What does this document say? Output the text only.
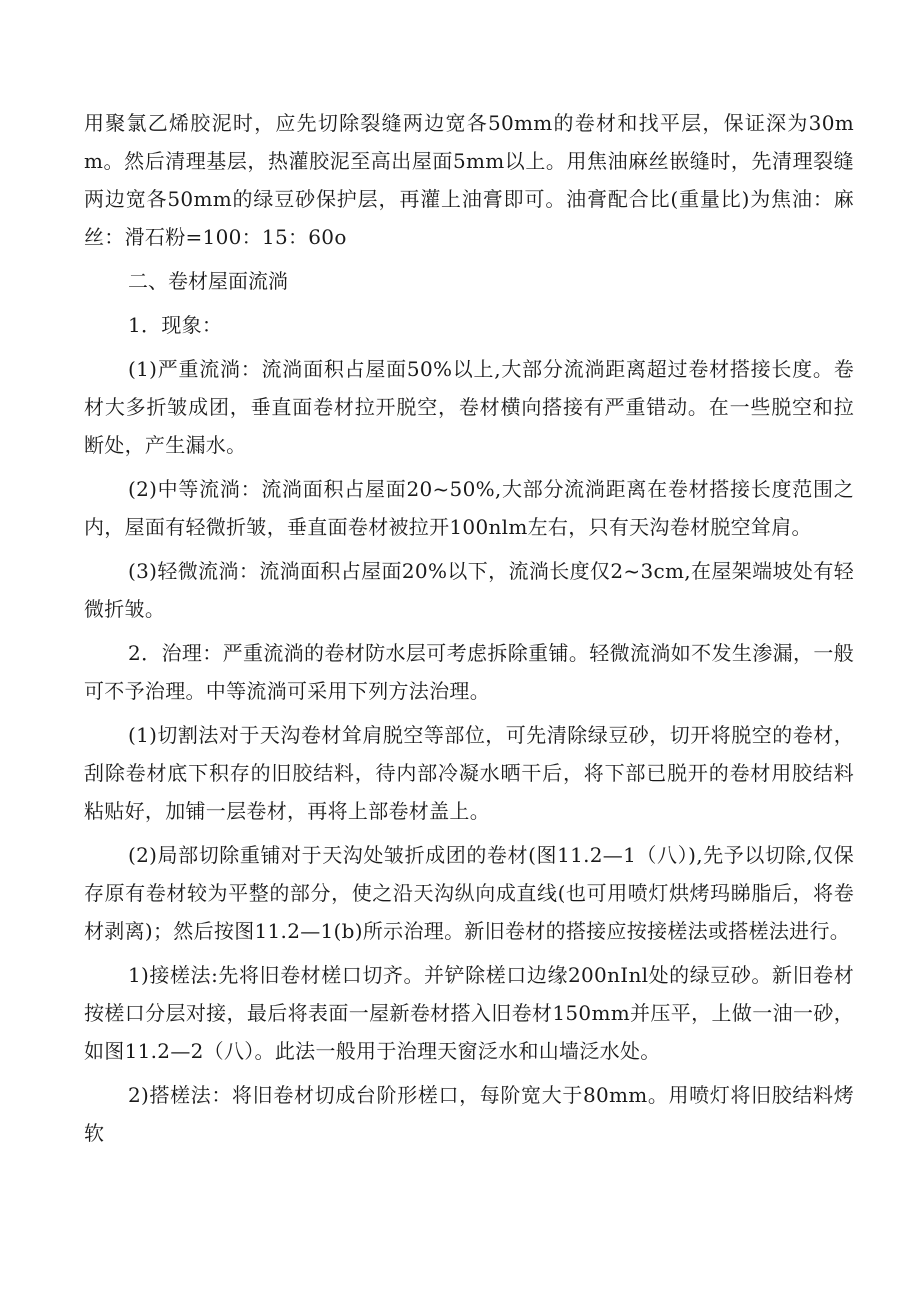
用聚氯乙烯胶泥时，应先切除裂缝两边宽各50mm的卷材和找平层，保证深为30mm。然后清理基层，热灌胶泥至高出屋面5mm以上。用焦油麻丝嵌缝时，先清理裂缝两边宽各50mm的绿豆砂保护层，再灌上油膏即可。油膏配合比(重量比)为焦油：麻丝：滑石粉=100：15：60o

二、卷材屋面流淌

1．现象：

(1)严重流淌：流淌面积占屋面50%以上,大部分流淌距离超过卷材搭接长度。卷材大多折皱成团，垂直面卷材拉开脱空，卷材横向搭接有严重错动。在一些脱空和拉断处，产生漏水。

(2)中等流淌：流淌面积占屋面20~50%,大部分流淌距离在卷材搭接长度范围之内，屋面有轻微折皱，垂直面卷材被拉开100nlm左右，只有天沟卷材脱空耸肩。

(3)轻微流淌：流淌面积占屋面20%以下，流淌长度仅2~3cm,在屋架端坡处有轻微折皱。

2．治理：严重流淌的卷材防水层可考虑拆除重铺。轻微流淌如不发生渗漏，一般可不予治理。中等流淌可采用下列方法治理。

(1)切割法对于天沟卷材耸肩脱空等部位，可先清除绿豆砂，切开将脱空的卷材，刮除卷材底下积存的旧胶结料，待内部冷凝水晒干后，将下部已脱开的卷材用胶结料粘贴好，加铺一层卷材，再将上部卷材盖上。

(2)局部切除重铺对于天沟处皱折成团的卷材(图11.2—1（八）),先予以切除,仅保存原有卷材较为平整的部分，使之沿天沟纵向成直线(也可用喷灯烘烤玛睇脂后，将卷材剥离)；然后按图11.2—1(b)所示治理。新旧卷材的搭接应按接槎法或搭槎法进行。

1)接槎法:先将旧卷材槎口切齐。并铲除槎口边缘200nInl处的绿豆砂。新旧卷材按槎口分层对接，最后将表面一屋新卷材搭入旧卷材150mm并压平，上做一油一砂，如图11.2—2（八）。此法一般用于治理天窗泛水和山墙泛水处。

2)搭槎法：将旧卷材切成台阶形槎口，每阶宽大于80mm。用喷灯将旧胶结料烤软
